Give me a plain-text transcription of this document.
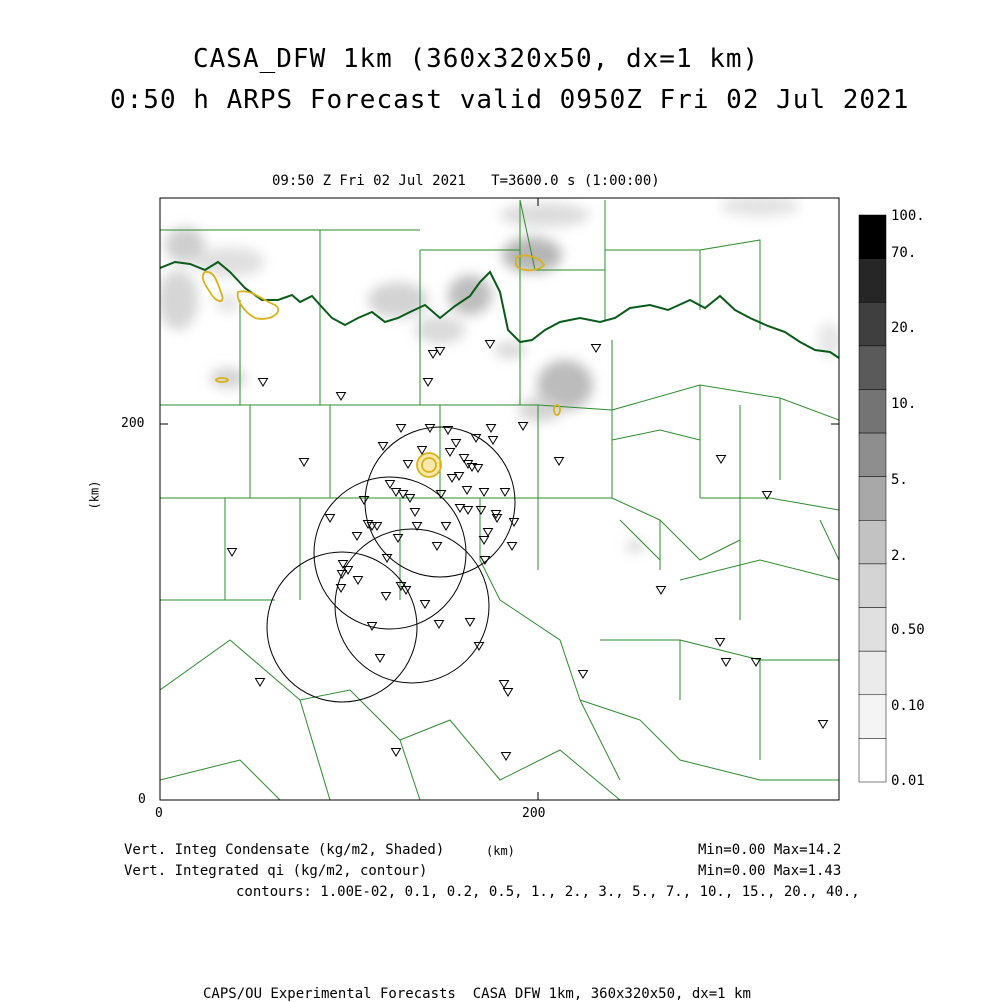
CASA_DFW 1km (360x320x50, dx=1 km)
0:50 h ARPS Forecast valid 0950Z Fri 02 Jul 2021
09:50 Z Fri 02 Jul 2021   T=3600.0 s (1:00:00)
200
0
0	200
(km)
100.
70.
20.
10.
5.
2.
0.50
0.10
0.01
Vert. Integ Condensate (kg/m2, Shaded)	(km)	Min=0.00 Max=14.2
Vert. Integrated qi (kg/m2, contour)	Min=0.00 Max=1.43
contours: 1.00E-02, 0.1, 0.2, 0.5, 1., 2., 3., 5., 7., 10., 15., 20., 40.,
CAPS/OU Experimental Forecasts  CASA DFW 1km, 360x320x50, dx=1 km
